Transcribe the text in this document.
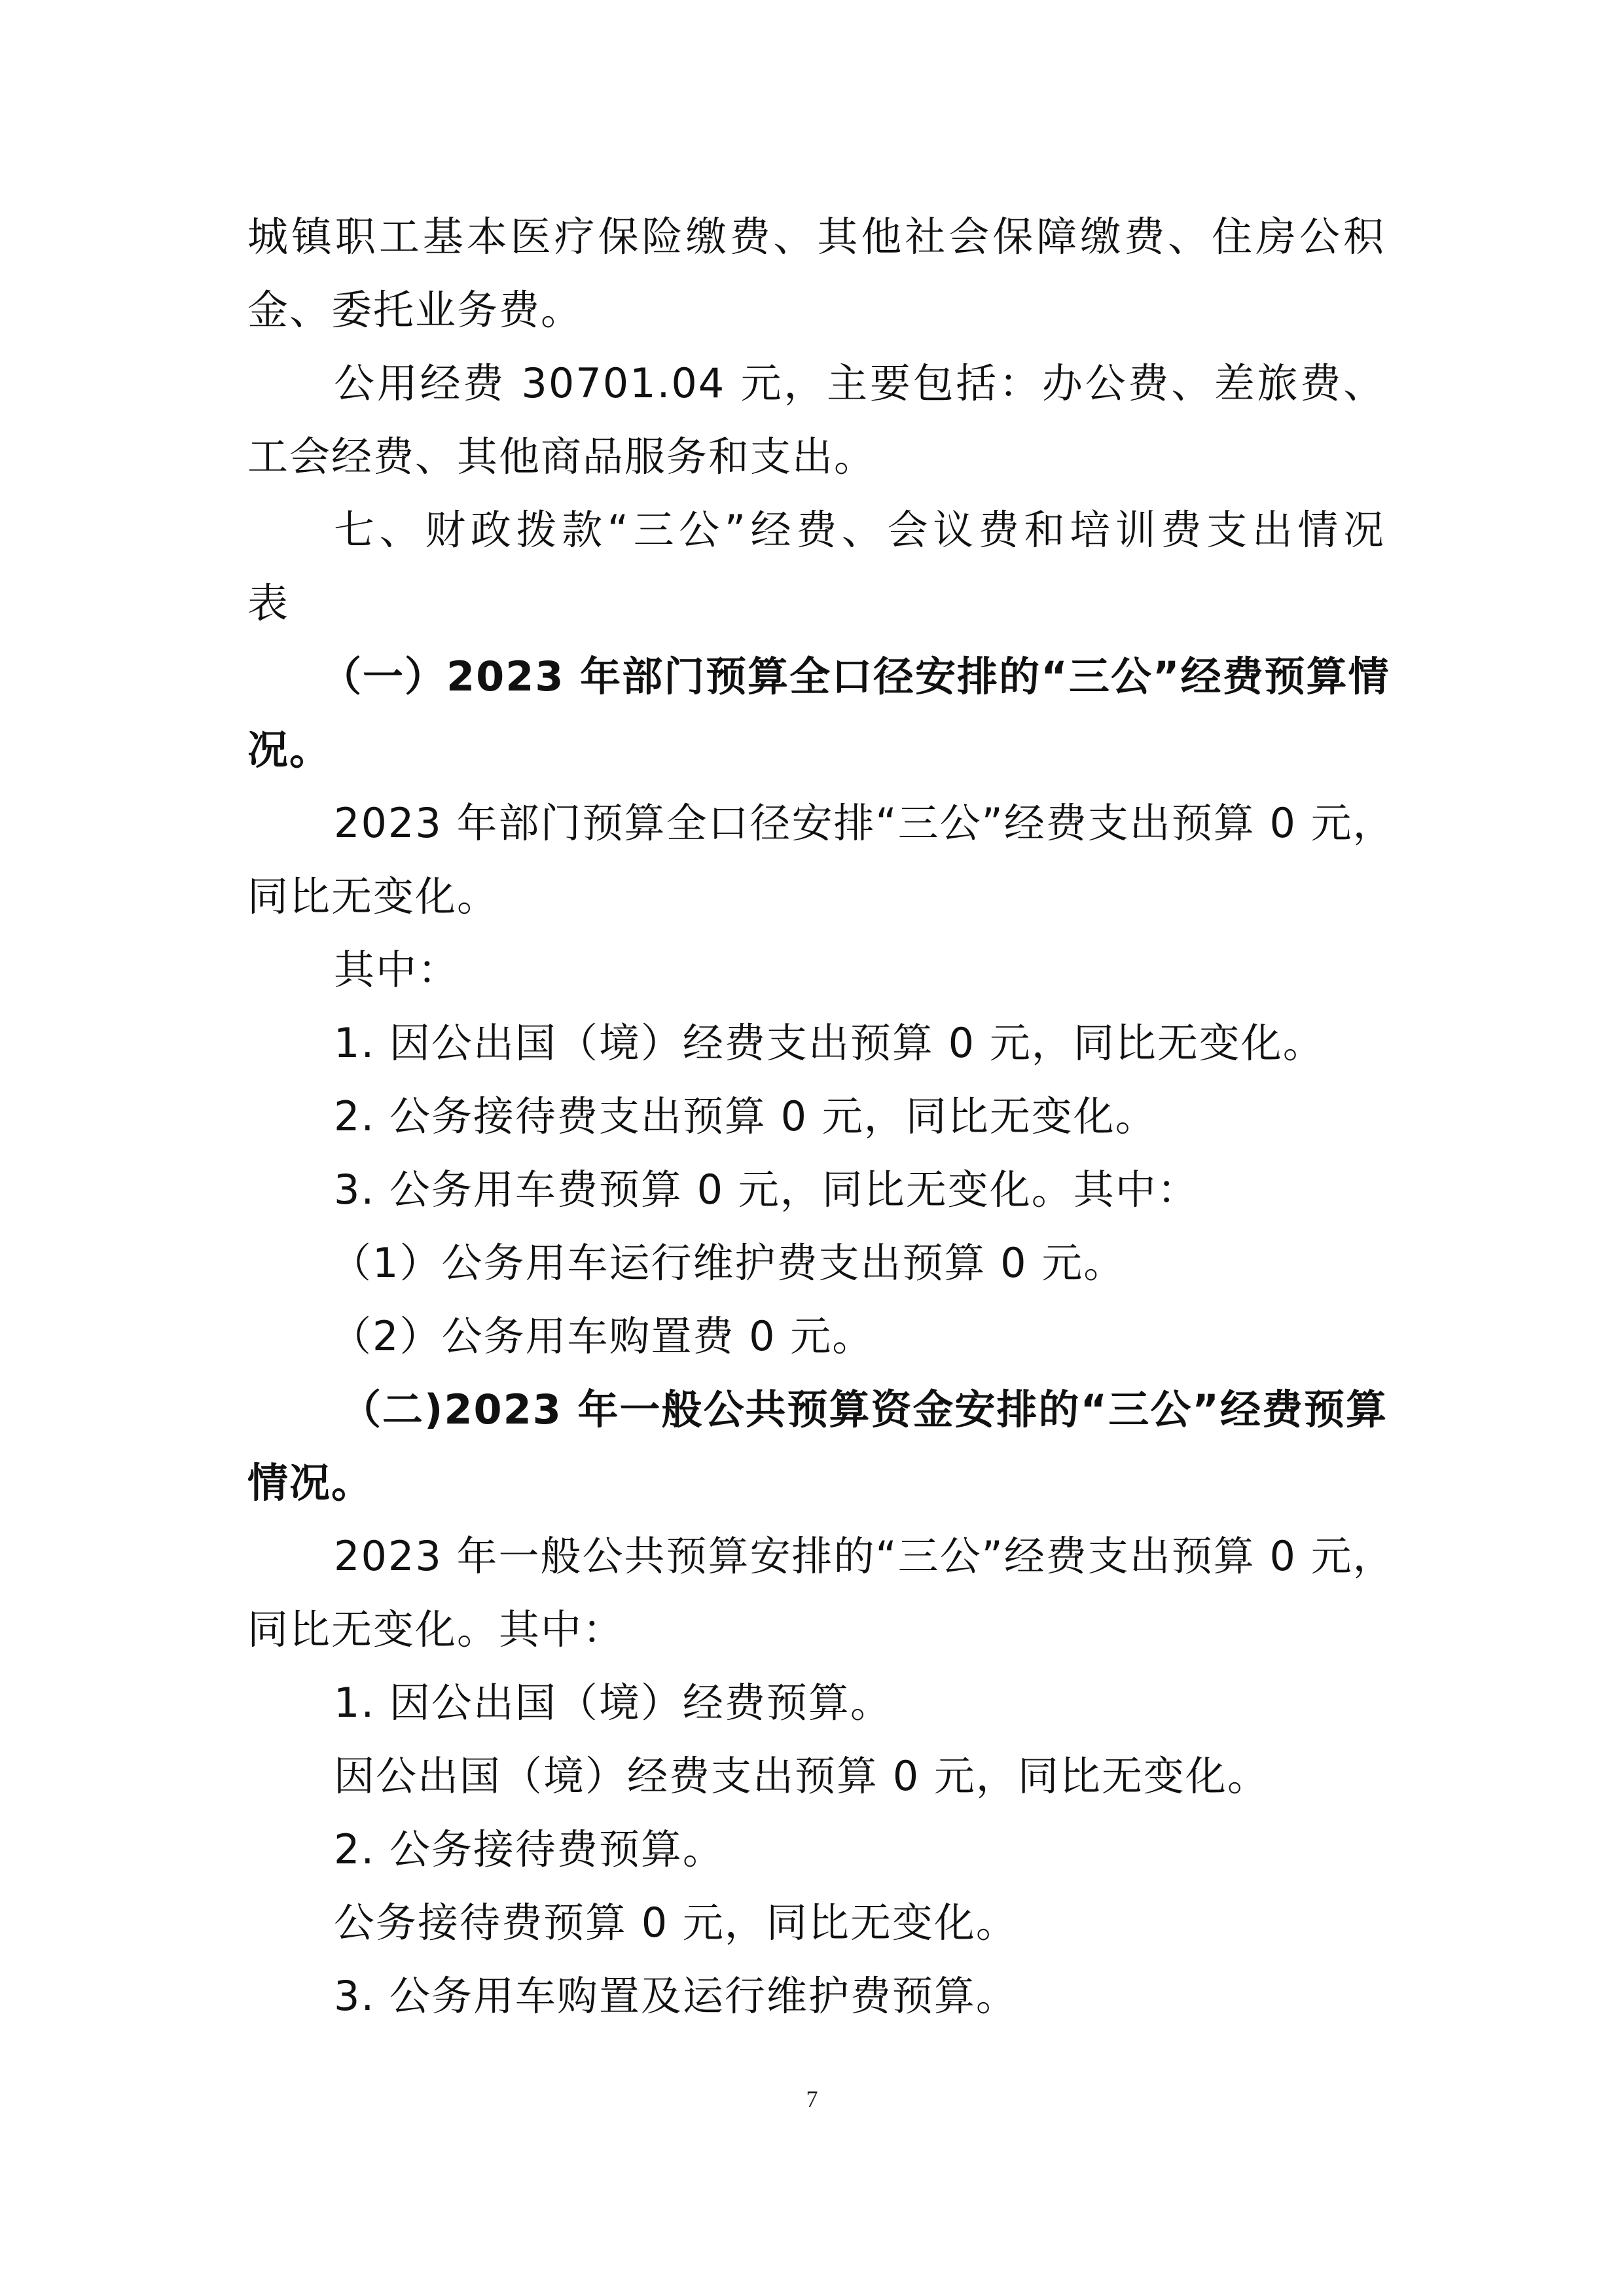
城镇职工基本医疗保险缴费、其他社会保障缴费、住房公积
金、委托业务费。
公用经费 30701.04 元，主要包括：办公费、差旅费、
工会经费、其他商品服务和支出。
七、财政拨款“三公”经费、会议费和培训费支出情况
表
（一）2023 年部门预算全口径安排的“三公”经费预算情
况。
2023 年部门预算全口径安排“三公”经费支出预算 0 元，
同比无变化。
其中：
1. 因公出国（境）经费支出预算 0 元，同比无变化。
2. 公务接待费支出预算 0 元，同比无变化。
3. 公务用车费预算 0 元，同比无变化。其中：
（1）公务用车运行维护费支出预算 0 元。
（2）公务用车购置费 0 元。
（二)2023 年一般公共预算资金安排的“三公”经费预算
情况。
2023 年一般公共预算安排的“三公”经费支出预算 0 元，
同比无变化。其中：
1. 因公出国（境）经费预算。
因公出国（境）经费支出预算 0 元，同比无变化。
2. 公务接待费预算。
公务接待费预算 0 元，同比无变化。
3. 公务用车购置及运行维护费预算。
7
